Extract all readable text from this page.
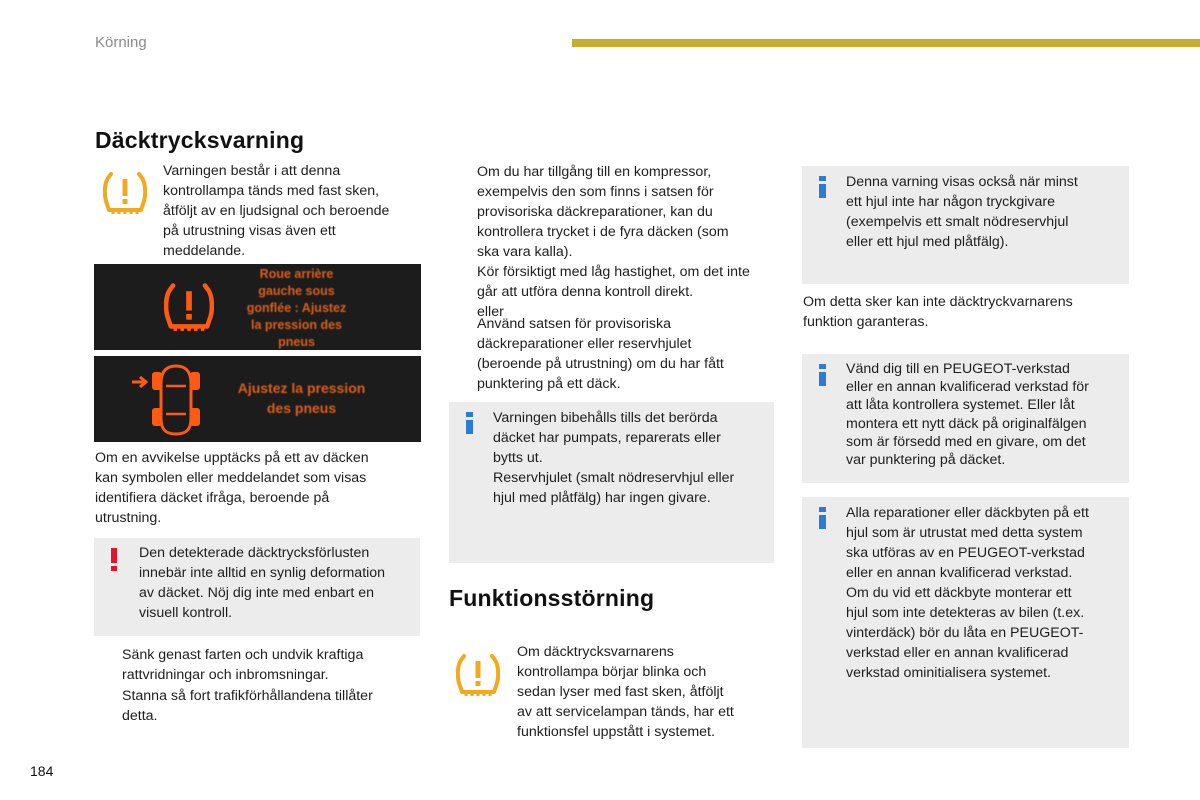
Körning
Däcktrycksvarning
Varningen består i att denna
kontrollampa tänds med fast sken,
åtföljt av en ljudsignal och beroende
på utrustning visas även ett
meddelande.
Roue arrière
gauche sous
gonflée : Ajustez
la pression des
pneus
Ajustez la pression
des pneus
Om en avvikelse upptäcks på ett av däcken
kan symbolen eller meddelandet som visas
identifiera däcket ifråga, beroende på
utrustning.
Den detekterade däcktrycksförlusten
innebär inte alltid en synlig deformation
av däcket. Nöj dig inte med enbart en
visuell kontroll.
Sänk genast farten och undvik kraftiga
rattvridningar och inbromsningar.
Stanna så fort trafikförhållandena tillåter
detta.
Om du har tillgång till en kompressor,
exempelvis den som finns i satsen för
provisoriska däckreparationer, kan du
kontrollera trycket i de fyra däcken (som
ska vara kalla).
Kör försiktigt med låg hastighet, om det inte
går att utföra denna kontroll direkt.
eller
Använd satsen för provisoriska
däckreparationer eller reservhjulet
(beroende på utrustning) om du har fått
punktering på ett däck.
Varningen bibehålls tills det berörda
däcket har pumpats, reparerats eller
bytts ut.
Reservhjulet (smalt nödreservhjul eller
hjul med plåtfälg) har ingen givare.
Funktionsstörning
Om däcktrycksvarnarens
kontrollampa börjar blinka och
sedan lyser med fast sken, åtföljt
av att servicelampan tänds, har ett
funktionsfel uppstått i systemet.
Denna varning visas också när minst
ett hjul inte har någon tryckgivare
(exempelvis ett smalt nödreservhjul
eller ett hjul med plåtfälg).
Om detta sker kan inte däcktryckvarnarens
funktion garanteras.
Vänd dig till en PEUGEOT-verkstad
eller en annan kvalificerad verkstad för
att låta kontrollera systemet. Eller låt
montera ett nytt däck på originalfälgen
som är försedd med en givare, om det
var punktering på däcket.
Alla reparationer eller däckbyten på ett
hjul som är utrustat med detta system
ska utföras av en PEUGEOT-verkstad
eller en annan kvalificerad verkstad.
Om du vid ett däckbyte monterar ett
hjul som inte detekteras av bilen (t.ex.
vinterdäck) bör du låta en PEUGEOT-
verkstad eller en annan kvalificerad
verkstad ominitialisera systemet.
184
